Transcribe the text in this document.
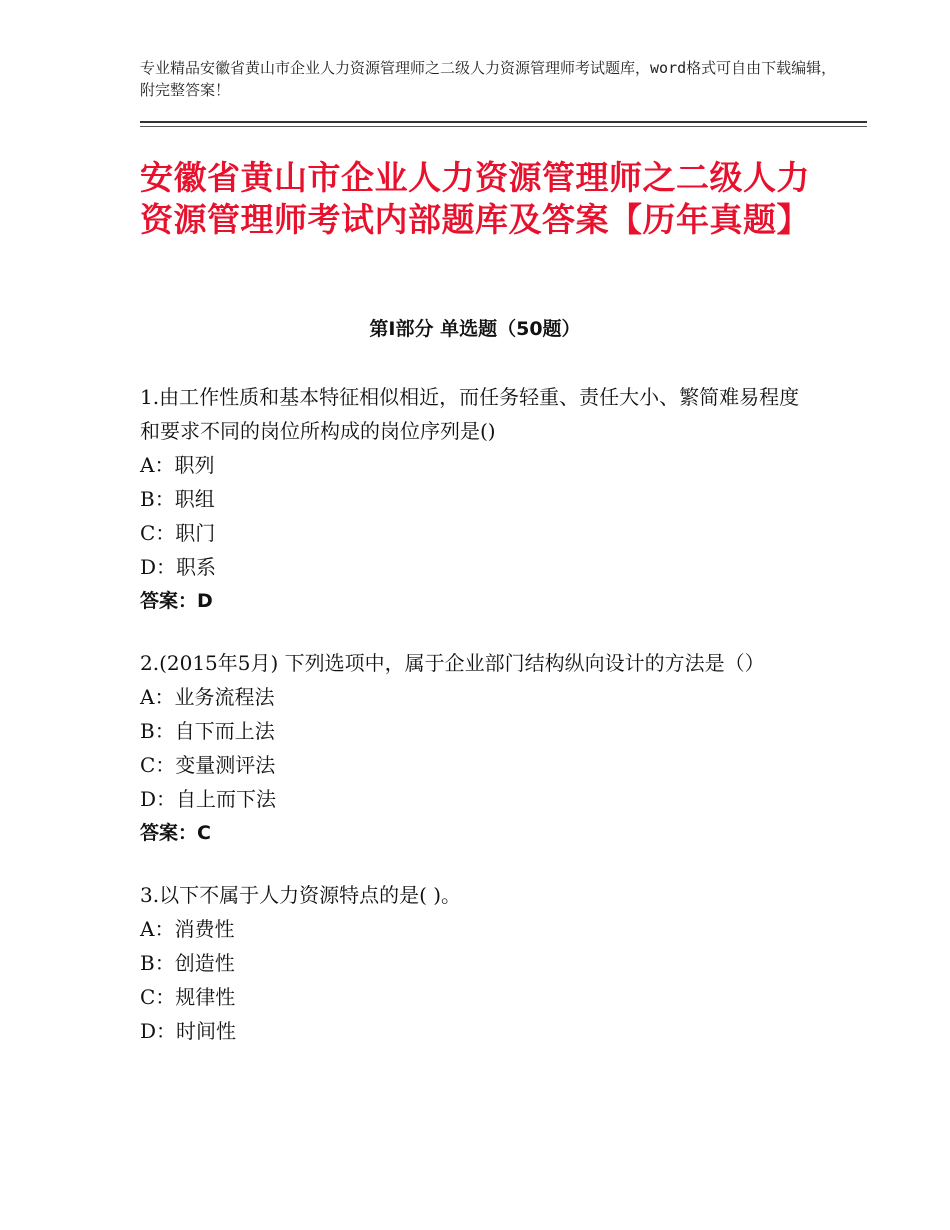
专业精品安徽省黄山市企业人力资源管理师之二级人力资源管理师考试题库，word格式可自由下载编辑，附完整答案！
安徽省黄山市企业人力资源管理师之二级人力资源管理师考试内部题库及答案【历年真题】
第Ⅰ部分 单选题（50题）
1.由工作性质和基本特征相似相近，而任务轻重、责任大小、繁简难易程度和要求不同的岗位所构成的岗位序列是()
A：职列
B：职组
C：职门
D：职系
答案：D
2.(2015年5月) 下列选项中，属于企业部门结构纵向设计的方法是（）
A：业务流程法
B：自下而上法
C：变量测评法
D：自上而下法
答案：C
3.以下不属于人力资源特点的是( )。
A：消费性
B：创造性
C：规律性
D：时间性
